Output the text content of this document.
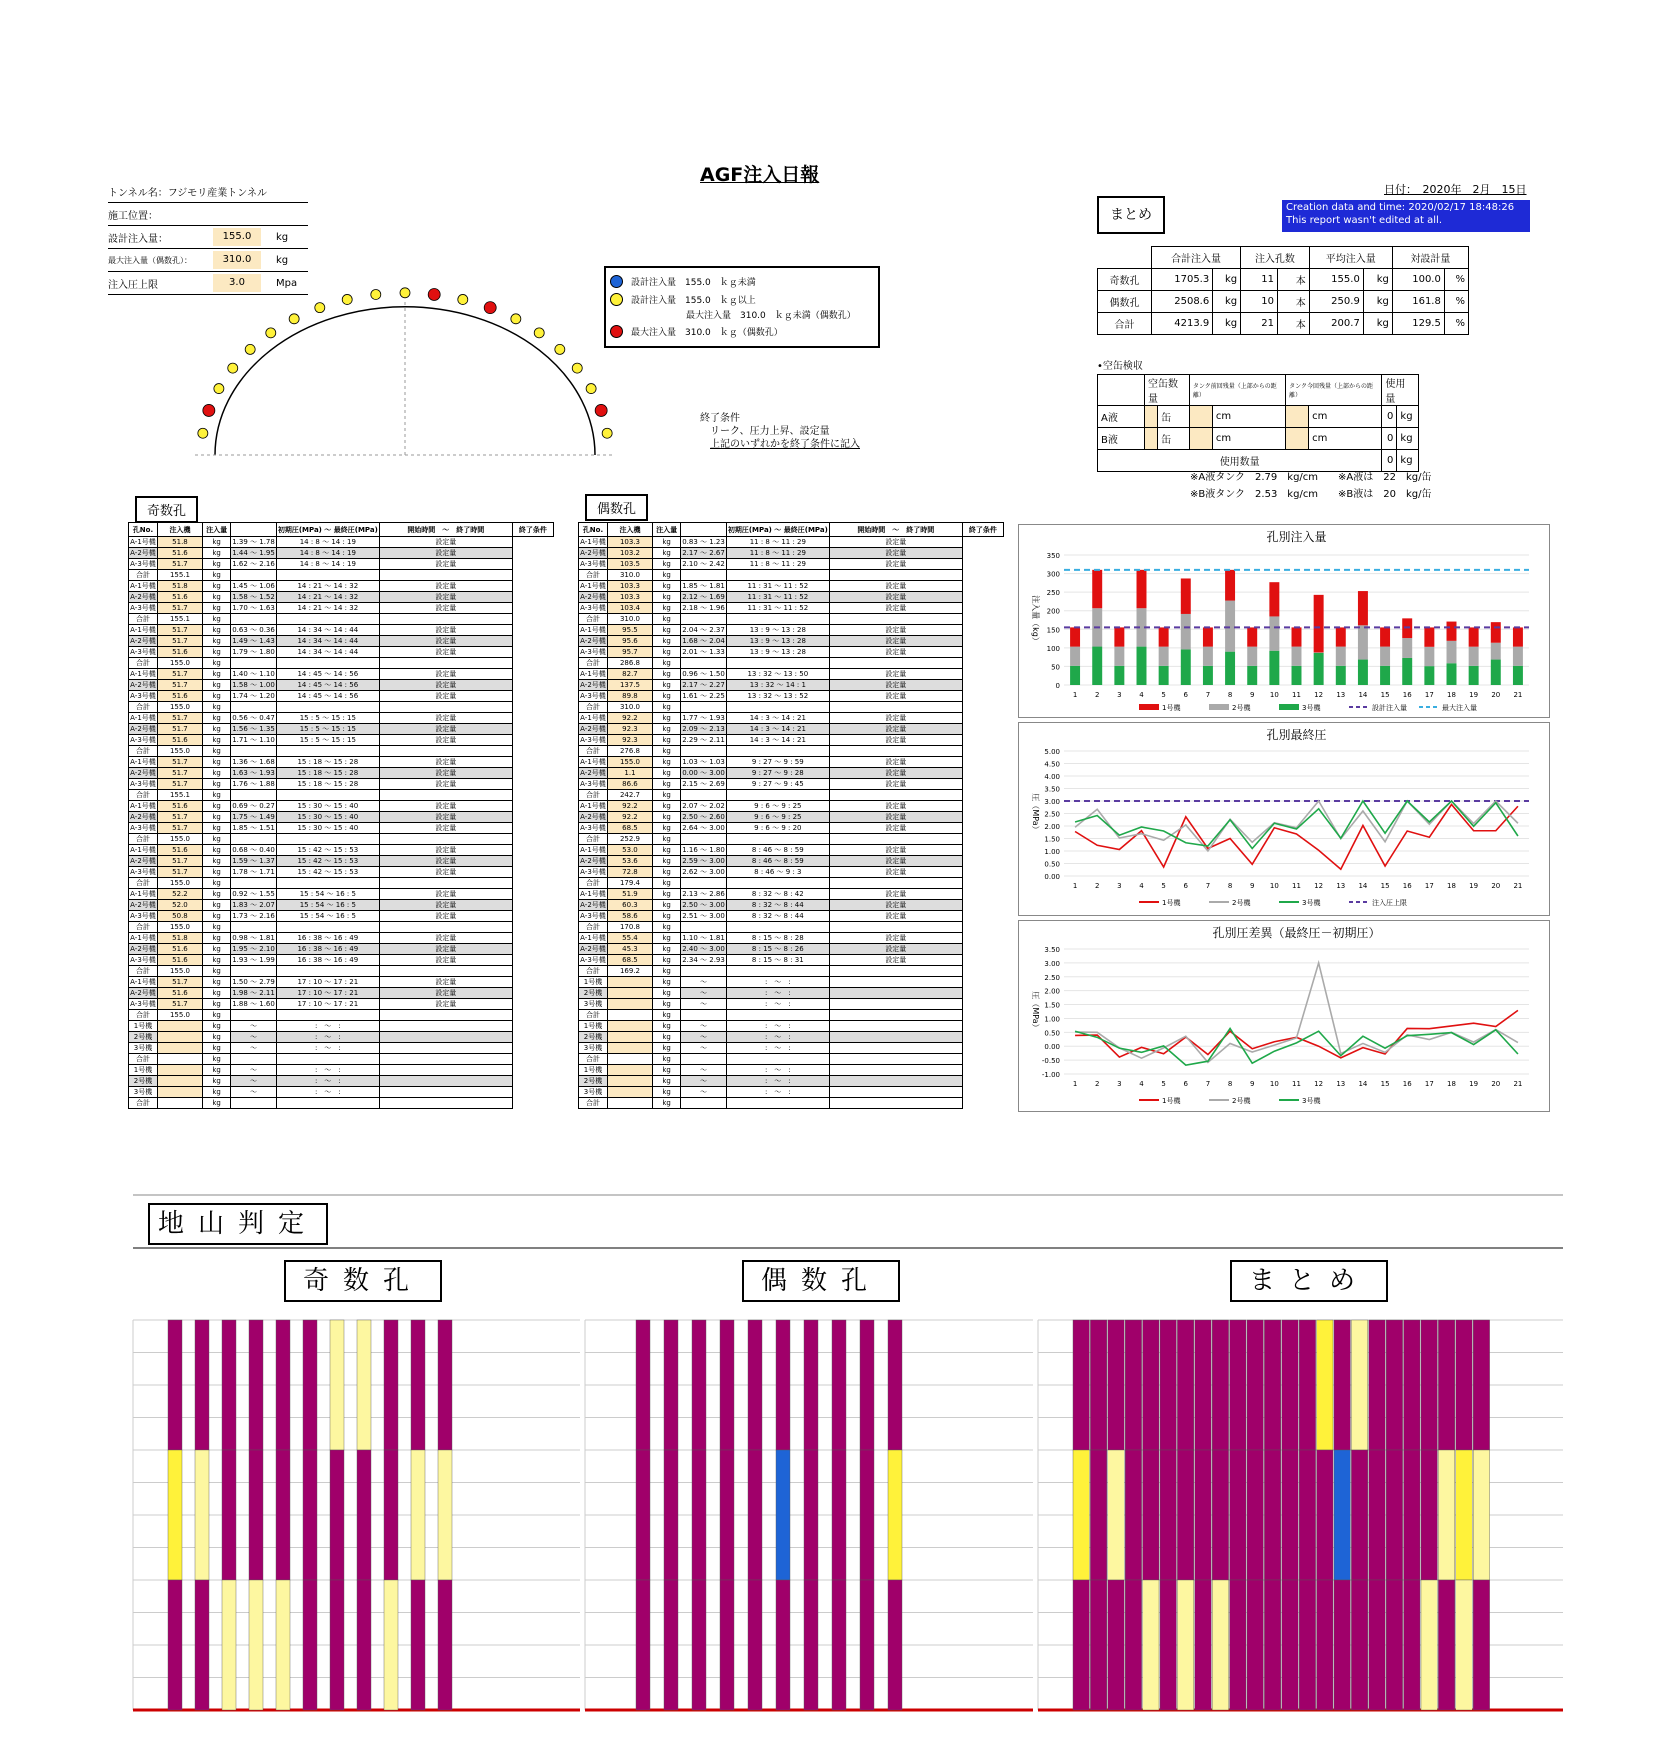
AGF注入日報
トンネル名：フジモリ産業トンネル
施工位置：
設計注入量：	155.0	kg
最大注入量（偶数孔）：	310.0	kg
注入圧上限	3.0	Mpa	設計注入量　155.0　ｋｇ未満
設計注入量　155.0　ｋｇ以上
最大注入量　310.0　ｋｇ未満（偶数孔）
最大注入量　310.0　ｋｇ（偶数孔）
終了条件
リーク、圧力上昇、設定量
上記のいずれかを終了条件に記入
日付：　2020年　2月　15日
まとめ	Creation data and time: 2020/02/17 18:48:26
This report wasn't edited at all.
	合計注入量		注入孔数		平均注入量		対設計量	
奇数孔	1705.3	kg	11	本	155.0	kg	100.0	%
偶数孔	2508.6	kg	10	本	250.9	kg	161.8	%
合計	4213.9	kg	21	本	200.7	kg	129.5	%
•空缶検収
	空缶数量		タンク前回残量（上部からの距離）		タンク今回残量（上部からの距離）		使用量	
A液		缶		cm		cm	0	kg
B液		缶		cm		cm	0	kg
使用数量							0	kg
※A液タンク　2.79　kg/cm　　※A液は　22　kg/缶
※B液タンク　2.53　kg/cm　　※B液は　20　kg/缶
奇数孔	偶数孔
孔No.	注入機	注入量		初期圧(MPa) ～ 最終圧(MPa)	開始時間　～　終了時間	終了条件
A-1号機	51.8	kg	1.39 ～ 1.78	14 : 8 ～ 14 : 19	設定量	
A-2号機	51.6	kg	1.44 ～ 1.95	14 : 8 ～ 14 : 19	設定量	
A-3号機	51.7	kg	1.62 ～ 2.16	14 : 8 ～ 14 : 19	設定量	
合計	155.1	kg				
A-1号機	51.8	kg	1.45 ～ 1.06	14 : 21 ～ 14 : 32	設定量	
A-2号機	51.6	kg	1.58 ～ 1.52	14 : 21 ～ 14 : 32	設定量	
A-3号機	51.7	kg	1.70 ～ 1.63	14 : 21 ～ 14 : 32	設定量	
合計	155.1	kg				
A-1号機	51.7	kg	0.63 ～ 0.36	14 : 34 ～ 14 : 44	設定量	
A-2号機	51.7	kg	1.49 ～ 1.43	14 : 34 ～ 14 : 44	設定量	
A-3号機	51.6	kg	1.79 ～ 1.80	14 : 34 ～ 14 : 44	設定量	
合計	155.0	kg				
A-1号機	51.7	kg	1.40 ～ 1.10	14 : 45 ～ 14 : 56	設定量	
A-2号機	51.7	kg	1.58 ～ 1.00	14 : 45 ～ 14 : 56	設定量	
A-3号機	51.6	kg	1.74 ～ 1.20	14 : 45 ～ 14 : 56	設定量	
合計	155.0	kg				
A-1号機	51.7	kg	0.56 ～ 0.47	15 : 5 ～ 15 : 15	設定量	
A-2号機	51.7	kg	1.56 ～ 1.35	15 : 5 ～ 15 : 15	設定量	
A-3号機	51.6	kg	1.71 ～ 1.10	15 : 5 ～ 15 : 15	設定量	
合計	155.0	kg				
A-1号機	51.7	kg	1.36 ～ 1.68	15 : 18 ～ 15 : 28	設定量	
A-2号機	51.7	kg	1.63 ～ 1.93	15 : 18 ～ 15 : 28	設定量	
A-3号機	51.7	kg	1.76 ～ 1.88	15 : 18 ～ 15 : 28	設定量	
合計	155.1	kg				
A-1号機	51.6	kg	0.69 ～ 0.27	15 : 30 ～ 15 : 40	設定量	
A-2号機	51.7	kg	1.75 ～ 1.49	15 : 30 ～ 15 : 40	設定量	
A-3号機	51.7	kg	1.85 ～ 1.51	15 : 30 ～ 15 : 40	設定量	
合計	155.0	kg				
A-1号機	51.6	kg	0.68 ～ 0.40	15 : 42 ～ 15 : 53	設定量	
A-2号機	51.7	kg	1.59 ～ 1.37	15 : 42 ～ 15 : 53	設定量	
A-3号機	51.7	kg	1.78 ～ 1.71	15 : 42 ～ 15 : 53	設定量	
合計	155.0	kg				
A-1号機	52.2	kg	0.92 ～ 1.55	15 : 54 ～ 16 : 5	設定量	
A-2号機	52.0	kg	1.83 ～ 2.07	15 : 54 ～ 16 : 5	設定量	
A-3号機	50.8	kg	1.73 ～ 2.16	15 : 54 ～ 16 : 5	設定量	
合計	155.0	kg				
A-1号機	51.8	kg	0.98 ～ 1.81	16 : 38 ～ 16 : 49	設定量	
A-2号機	51.6	kg	1.95 ～ 2.10	16 : 38 ～ 16 : 49	設定量	
A-3号機	51.6	kg	1.93 ～ 1.99	16 : 38 ～ 16 : 49	設定量	
合計	155.0	kg				
A-1号機	51.7	kg	1.50 ～ 2.79	17 : 10 ～ 17 : 21	設定量	
A-2号機	51.6	kg	1.98 ～ 2.11	17 : 10 ～ 17 : 21	設定量	
A-3号機	51.7	kg	1.88 ～ 1.60	17 : 10 ～ 17 : 21	設定量	
合計	155.0	kg				
1号機		kg	～	:　～　:		
2号機		kg	～	:　～　:		
3号機		kg	～	:　～　:		
合計		kg				
1号機		kg	～	:　～　:		
2号機		kg	～	:　～　:		
3号機		kg	～	:　～　:		
合計		kg				
孔No.	注入機	注入量		初期圧(MPa) ～ 最終圧(MPa)	開始時間　～　終了時間	終了条件
A-1号機	103.3	kg	0.83 ～ 1.23	11 : 8 ～ 11 : 29	設定量	
A-2号機	103.2	kg	2.17 ～ 2.67	11 : 8 ～ 11 : 29	設定量	
A-3号機	103.5	kg	2.10 ～ 2.42	11 : 8 ～ 11 : 29	設定量	
合計	310.0	kg				
A-1号機	103.3	kg	1.85 ～ 1.81	11 : 31 ～ 11 : 52	設定量	
A-2号機	103.3	kg	2.12 ～ 1.69	11 : 31 ～ 11 : 52	設定量	
A-3号機	103.4	kg	2.18 ～ 1.96	11 : 31 ～ 11 : 52	設定量	
合計	310.0	kg				
A-1号機	95.5	kg	2.04 ～ 2.37	13 : 9 ～ 13 : 28	設定量	
A-2号機	95.6	kg	1.68 ～ 2.04	13 : 9 ～ 13 : 28	設定量	
A-3号機	95.7	kg	2.01 ～ 1.33	13 : 9 ～ 13 : 28	設定量	
合計	286.8	kg				
A-1号機	82.7	kg	0.96 ～ 1.50	13 : 32 ～ 13 : 50	設定量	
A-2号機	137.5	kg	2.17 ～ 2.27	13 : 32 ～ 14 : 1	設定量	
A-3号機	89.8	kg	1.61 ～ 2.25	13 : 32 ～ 13 : 52	設定量	
合計	310.0	kg				
A-1号機	92.2	kg	1.77 ～ 1.93	14 : 3 ～ 14 : 21	設定量	
A-2号機	92.3	kg	2.09 ～ 2.13	14 : 3 ～ 14 : 21	設定量	
A-3号機	92.3	kg	2.29 ～ 2.11	14 : 3 ～ 14 : 21	設定量	
合計	276.8	kg				
A-1号機	155.0	kg	1.03 ～ 1.03	9 : 27 ～ 9 : 59	設定量	
A-2号機	1.1	kg	0.00 ～ 3.00	9 : 27 ～ 9 : 28	設定量	
A-3号機	86.6	kg	2.15 ～ 2.69	9 : 27 ～ 9 : 45	設定量	
合計	242.7	kg				
A-1号機	92.2	kg	2.07 ～ 2.02	9 : 6 ～ 9 : 25	設定量	
A-2号機	92.2	kg	2.50 ～ 2.60	9 : 6 ～ 9 : 25	設定量	
A-3号機	68.5	kg	2.64 ～ 3.00	9 : 6 ～ 9 : 20	設定量	
合計	252.9	kg				
A-1号機	53.0	kg	1.16 ～ 1.80	8 : 46 ～ 8 : 59	設定量	
A-2号機	53.6	kg	2.59 ～ 3.00	8 : 46 ～ 8 : 59	設定量	
A-3号機	72.8	kg	2.62 ～ 3.00	8 : 46 ～ 9 : 3	設定量	
合計	179.4	kg				
A-1号機	51.9	kg	2.13 ～ 2.86	8 : 32 ～ 8 : 42	設定量	
A-2号機	60.3	kg	2.50 ～ 3.00	8 : 32 ～ 8 : 44	設定量	
A-3号機	58.6	kg	2.51 ～ 3.00	8 : 32 ～ 8 : 44	設定量	
合計	170.8	kg				
A-1号機	55.4	kg	1.10 ～ 1.81	8 : 15 ～ 8 : 28	設定量	
A-2号機	45.3	kg	2.40 ～ 3.00	8 : 15 ～ 8 : 26	設定量	
A-3号機	68.5	kg	2.34 ～ 2.93	8 : 15 ～ 8 : 31	設定量	
合計	169.2	kg				
1号機		kg	～	:　～　:		
2号機		kg	～	:　～　:		
3号機		kg	～	:　～　:		
合計		kg				
1号機		kg	～	:　～　:		
2号機		kg	～	:　～　:		
3号機		kg	～	:　～　:		
合計		kg				
1号機		kg	～	:　～　:		
2号機		kg	～	:　～　:		
3号機		kg	～	:　～　:		
合計		kg				
0
50
100
150
200
250
300
350
1	2	3	4	5	6	7	8	9 10 11 12 13 14 15 16 17 18 19 20 21
注入量（kg）
孔別注入量
1号機	2号機	3号機	設計注入量	最大注入量
0.00
0.50
1.00
1.50
2.00
2.50
3.00
3.50
4.00
4.50
5.00
1	2	3	4	5	6	7	8	9 10 11 12 13 14 15 16 17 18 19 20 21
圧（MPa）
孔別最終圧
1号機	2号機	3号機	注入圧上限
-1.00
-0.50
0.00
0.50
1.00
1.50
2.00
2.50
3.00
3.50
1	2	3	4	5	6	7	8	9 10 11 12 13 14 15 16 17 18 19 20 21
圧（MPa）
孔別圧差異（最終圧－初期圧）
1号機	2号機	3号機
地山判定
奇数孔	偶数孔	まとめ
